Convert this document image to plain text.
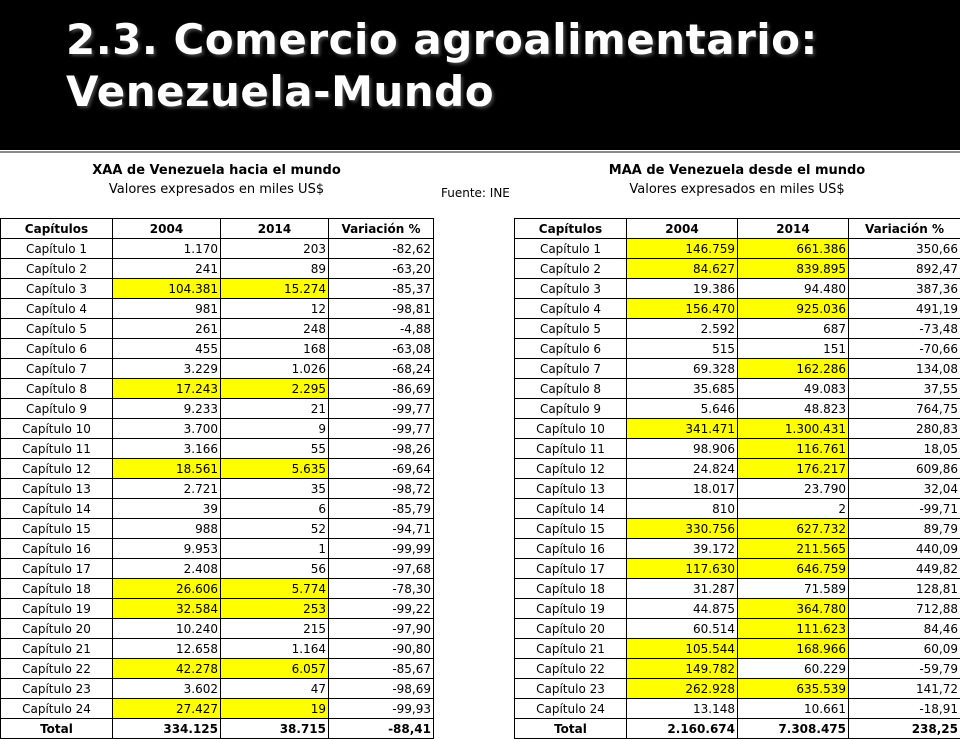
2.3. Comercio agroalimentario:
Venezuela-Mundo
XAA de Venezuela hacia el mundo
Valores expresados en miles US$
MAA de Venezuela desde el mundo
Valores expresados en miles US$
Fuente: INE
Capítulos	2004	2014	Variación %
Capítulo 1	1.170	203	-82,62
Capítulo 2	241	89	-63,20
Capítulo 3	104.381	15.274	-85,37
Capítulo 4	981	12	-98,81
Capítulo 5	261	248	-4,88
Capítulo 6	455	168	-63,08
Capítulo 7	3.229	1.026	-68,24
Capítulo 8	17.243	2.295	-86,69
Capítulo 9	9.233	21	-99,77
Capítulo 10	3.700	9	-99,77
Capítulo 11	3.166	55	-98,26
Capítulo 12	18.561	5.635	-69,64
Capítulo 13	2.721	35	-98,72
Capítulo 14	39	6	-85,79
Capítulo 15	988	52	-94,71
Capítulo 16	9.953	1	-99,99
Capítulo 17	2.408	56	-97,68
Capítulo 18	26.606	5.774	-78,30
Capítulo 19	32.584	253	-99,22
Capítulo 20	10.240	215	-97,90
Capítulo 21	12.658	1.164	-90,80
Capítulo 22	42.278	6.057	-85,67
Capítulo 23	3.602	47	-98,69
Capítulo 24	27.427	19	-99,93
Total	334.125	38.715	-88,41
Capítulos	2004	2014	Variación %
Capítulo 1	146.759	661.386	350,66
Capítulo 2	84.627	839.895	892,47
Capítulo 3	19.386	94.480	387,36
Capítulo 4	156.470	925.036	491,19
Capítulo 5	2.592	687	-73,48
Capítulo 6	515	151	-70,66
Capítulo 7	69.328	162.286	134,08
Capítulo 8	35.685	49.083	37,55
Capítulo 9	5.646	48.823	764,75
Capítulo 10	341.471	1.300.431	280,83
Capítulo 11	98.906	116.761	18,05
Capítulo 12	24.824	176.217	609,86
Capítulo 13	18.017	23.790	32,04
Capítulo 14	810	2	-99,71
Capítulo 15	330.756	627.732	89,79
Capítulo 16	39.172	211.565	440,09
Capítulo 17	117.630	646.759	449,82
Capítulo 18	31.287	71.589	128,81
Capítulo 19	44.875	364.780	712,88
Capítulo 20	60.514	111.623	84,46
Capítulo 21	105.544	168.966	60,09
Capítulo 22	149.782	60.229	-59,79
Capítulo 23	262.928	635.539	141,72
Capítulo 24	13.148	10.661	-18,91
Total	2.160.674	7.308.475	238,25
